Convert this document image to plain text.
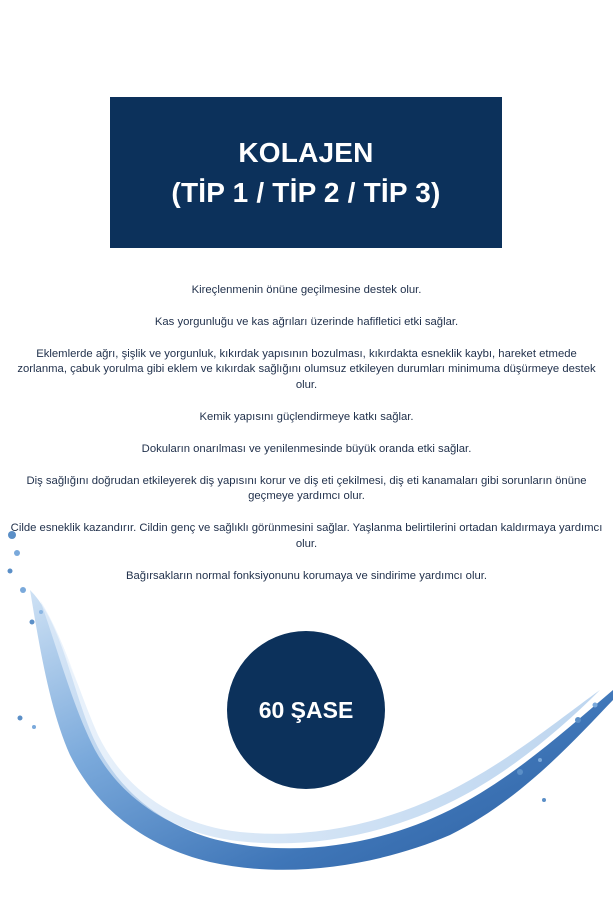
KOLAJEN
(TİP 1 / TİP 2 / TİP 3)

Kireçlenmenin önüne geçilmesine destek olur.

Kas yorgunluğu ve kas ağrıları üzerinde hafifletici etki sağlar.

Eklemlerde ağrı, şişlik ve yorgunluk, kıkırdak yapısının bozulması, kıkırdakta esneklik kaybı, hareket etmede zorlanma, çabuk yorulma gibi eklem ve kıkırdak sağlığını olumsuz etkileyen durumları minimuma düşürmeye destek olur.

Kemik yapısını güçlendirmeye katkı sağlar.

Dokuların onarılması ve yenilenmesinde büyük oranda etki sağlar.

Diş sağlığını doğrudan etkileyerek diş yapısını korur ve diş eti çekilmesi, diş eti kanamaları gibi sorunların önüne geçmeye yardımcı olur.

Cilde esneklik kazandırır. Cildin genç ve sağlıklı görünmesini sağlar. Yaşlanma belirtilerini ortadan kaldırmaya yardımcı olur.

Bağırsakların normal fonksiyonunu korumaya ve sindirime yardımcı olur.

60 ŞASE
